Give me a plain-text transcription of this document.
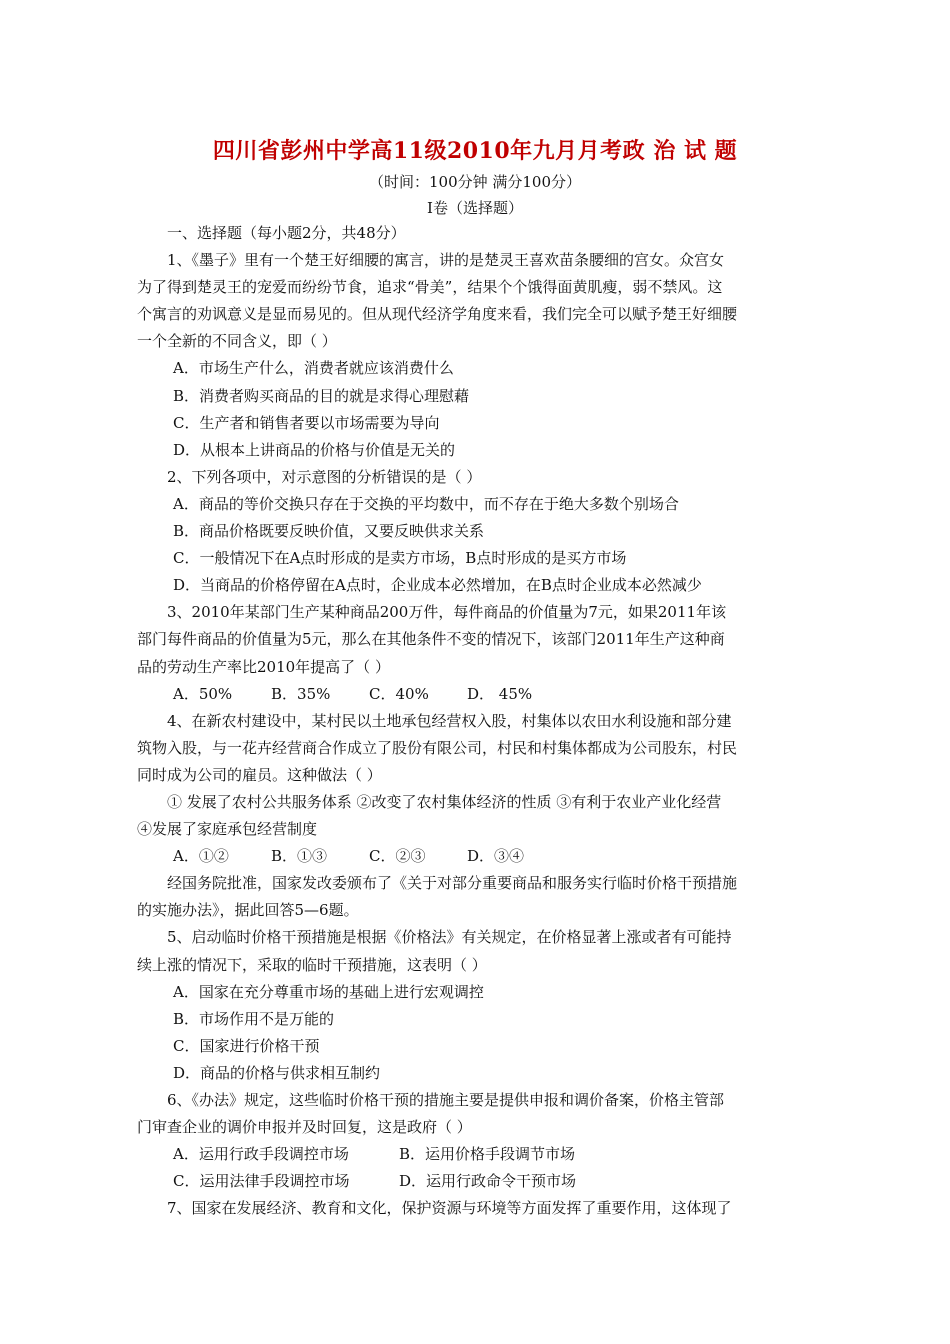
四川省彭州中学高11级2010年九月月考政 治 试 题
（时间：100分钟 满分100分）
I卷（选择题）
一、选择题（每小题2分，共48分）
1、《墨子》里有一个楚王好细腰的寓言，讲的是楚灵王喜欢苗条腰细的宫女。众宫女
为了得到楚灵王的宠爱而纷纷节食，追求“骨美”，结果个个饿得面黄肌瘦，弱不禁风。这
个寓言的劝讽意义是显而易见的。但从现代经济学角度来看，我们完全可以赋予楚王好细腰
一个全新的不同含义，即（ ）
A．市场生产什么，消费者就应该消费什么
B．消费者购买商品的目的就是求得心理慰藉
C．生产者和销售者要以市场需要为导向
D．从根本上讲商品的价格与价值是无关的
2、下列各项中，对示意图的分析错误的是（ ）
A．商品的等价交换只存在于交换的平均数中，而不存在于绝大多数个别场合
B．商品价格既要反映价值，又要反映供求关系
C．一般情况下在A点时形成的是卖方市场，B点时形成的是买方市场
D．当商品的价格停留在A点时，企业成本必然增加，在B点时企业成本必然减少
3、2010年某部门生产某种商品200万件，每件商品的价值量为7元，如果2011年该
部门每件商品的价值量为5元，那么在其他条件不变的情况下，该部门2011年生产这种商
品的劳动生产率比2010年提高了（ ）
A．50%	B．35%	C．40%	D． 45%
4、在新农村建设中，某村民以土地承包经营权入股，村集体以农田水利设施和部分建
筑物入股，与一花卉经营商合作成立了股份有限公司，村民和村集体都成为公司股东，村民
同时成为公司的雇员。这种做法（ ）
① 发展了农村公共服务体系 ②改变了农村集体经济的性质 ③有利于农业产业化经营
④发展了家庭承包经营制度
A．①②	B．①③	C．②③	D．③④
经国务院批准，国家发改委颁布了《关于对部分重要商品和服务实行临时价格干预措施
的实施办法》，据此回答5—6题。
5、启动临时价格干预措施是根据《价格法》有关规定，在价格显著上涨或者有可能持
续上涨的情况下，采取的临时干预措施，这表明（ ）
A．国家在充分尊重市场的基础上进行宏观调控
B．市场作用不是万能的
C．国家进行价格干预
D．商品的价格与供求相互制约
6、《办法》规定，这些临时价格干预的措施主要是提供申报和调价备案，价格主管部
门审查企业的调价申报并及时回复，这是政府（ ）
A．运用行政手段调控市场	B．运用价格手段调节市场
C．运用法律手段调控市场	D．运用行政命令干预市场
7、国家在发展经济、教育和文化，保护资源与环境等方面发挥了重要作用，这体现了
